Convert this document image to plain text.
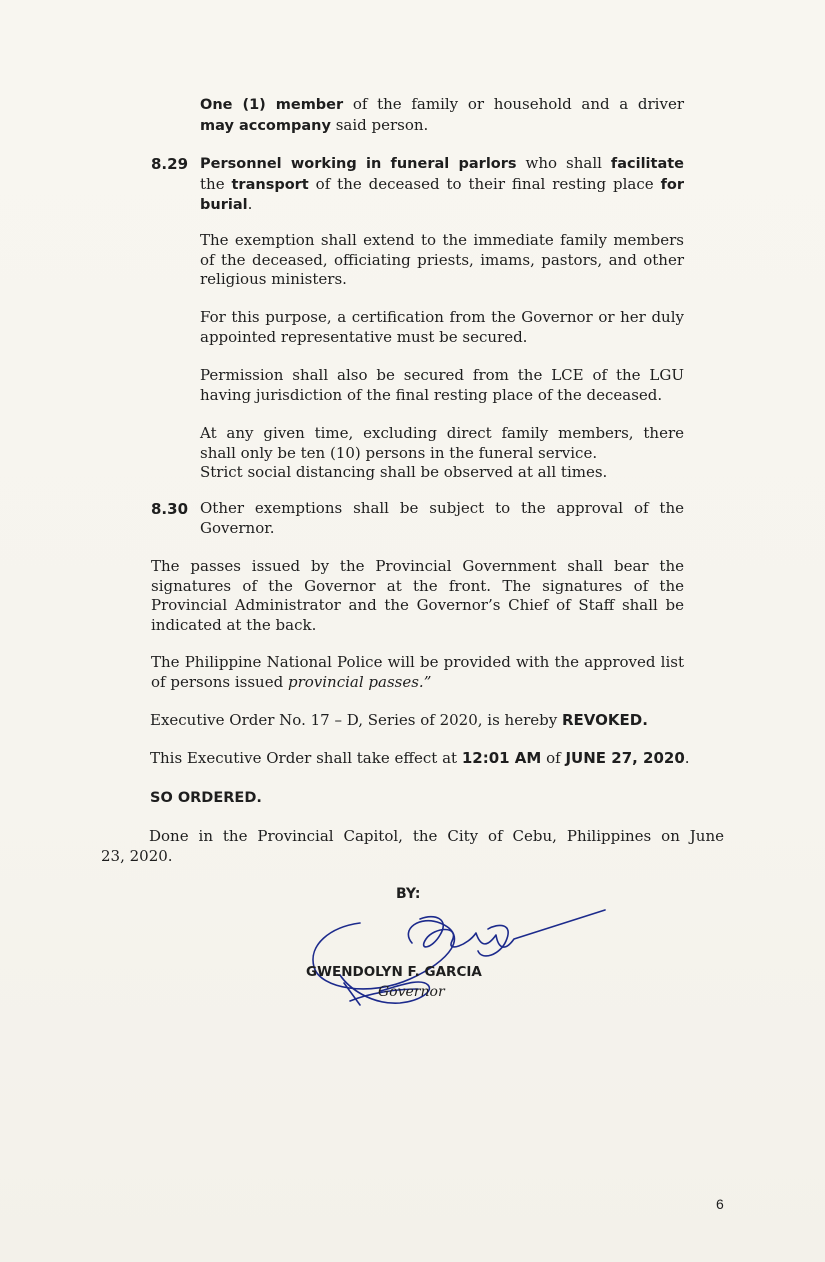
One (1) member of the family or household and a driver
may accompany said person.
8.29 Personnel working in funeral parlors who shall facilitate
the transport of the deceased to their final resting place for
burial.
The exemption shall extend to the immediate family members of the deceased, officiating priests, imams, pastors, and other religious ministers.
For this purpose, a certification from the Governor or her duly appointed representative must be secured.
Permission shall also be secured from the LCE of the LGU having jurisdiction of the final resting place of the deceased.
At any given time, excluding direct family members, there shall only be ten (10) persons in the funeral service.
Strict social distancing shall be observed at all times.
8.30 Other exemptions shall be subject to the approval of the Governor.
The passes issued by the Provincial Government shall bear the signatures of the Governor at the front. The signatures of the Provincial Administrator and the Governor’s Chief of Staff shall be indicated at the back.
The Philippine National Police will be provided with the approved list of persons issued provincial passes.”
Executive Order No. 17 – D, Series of 2020, is hereby REVOKED.
This Executive Order shall take effect at 12:01 AM of JUNE 27, 2020.
SO ORDERED.
Done in the Provincial Capitol, the City of Cebu, Philippines on June
23, 2020.
BY:
GWENDOLYN F. GARCIA
Governor
6
